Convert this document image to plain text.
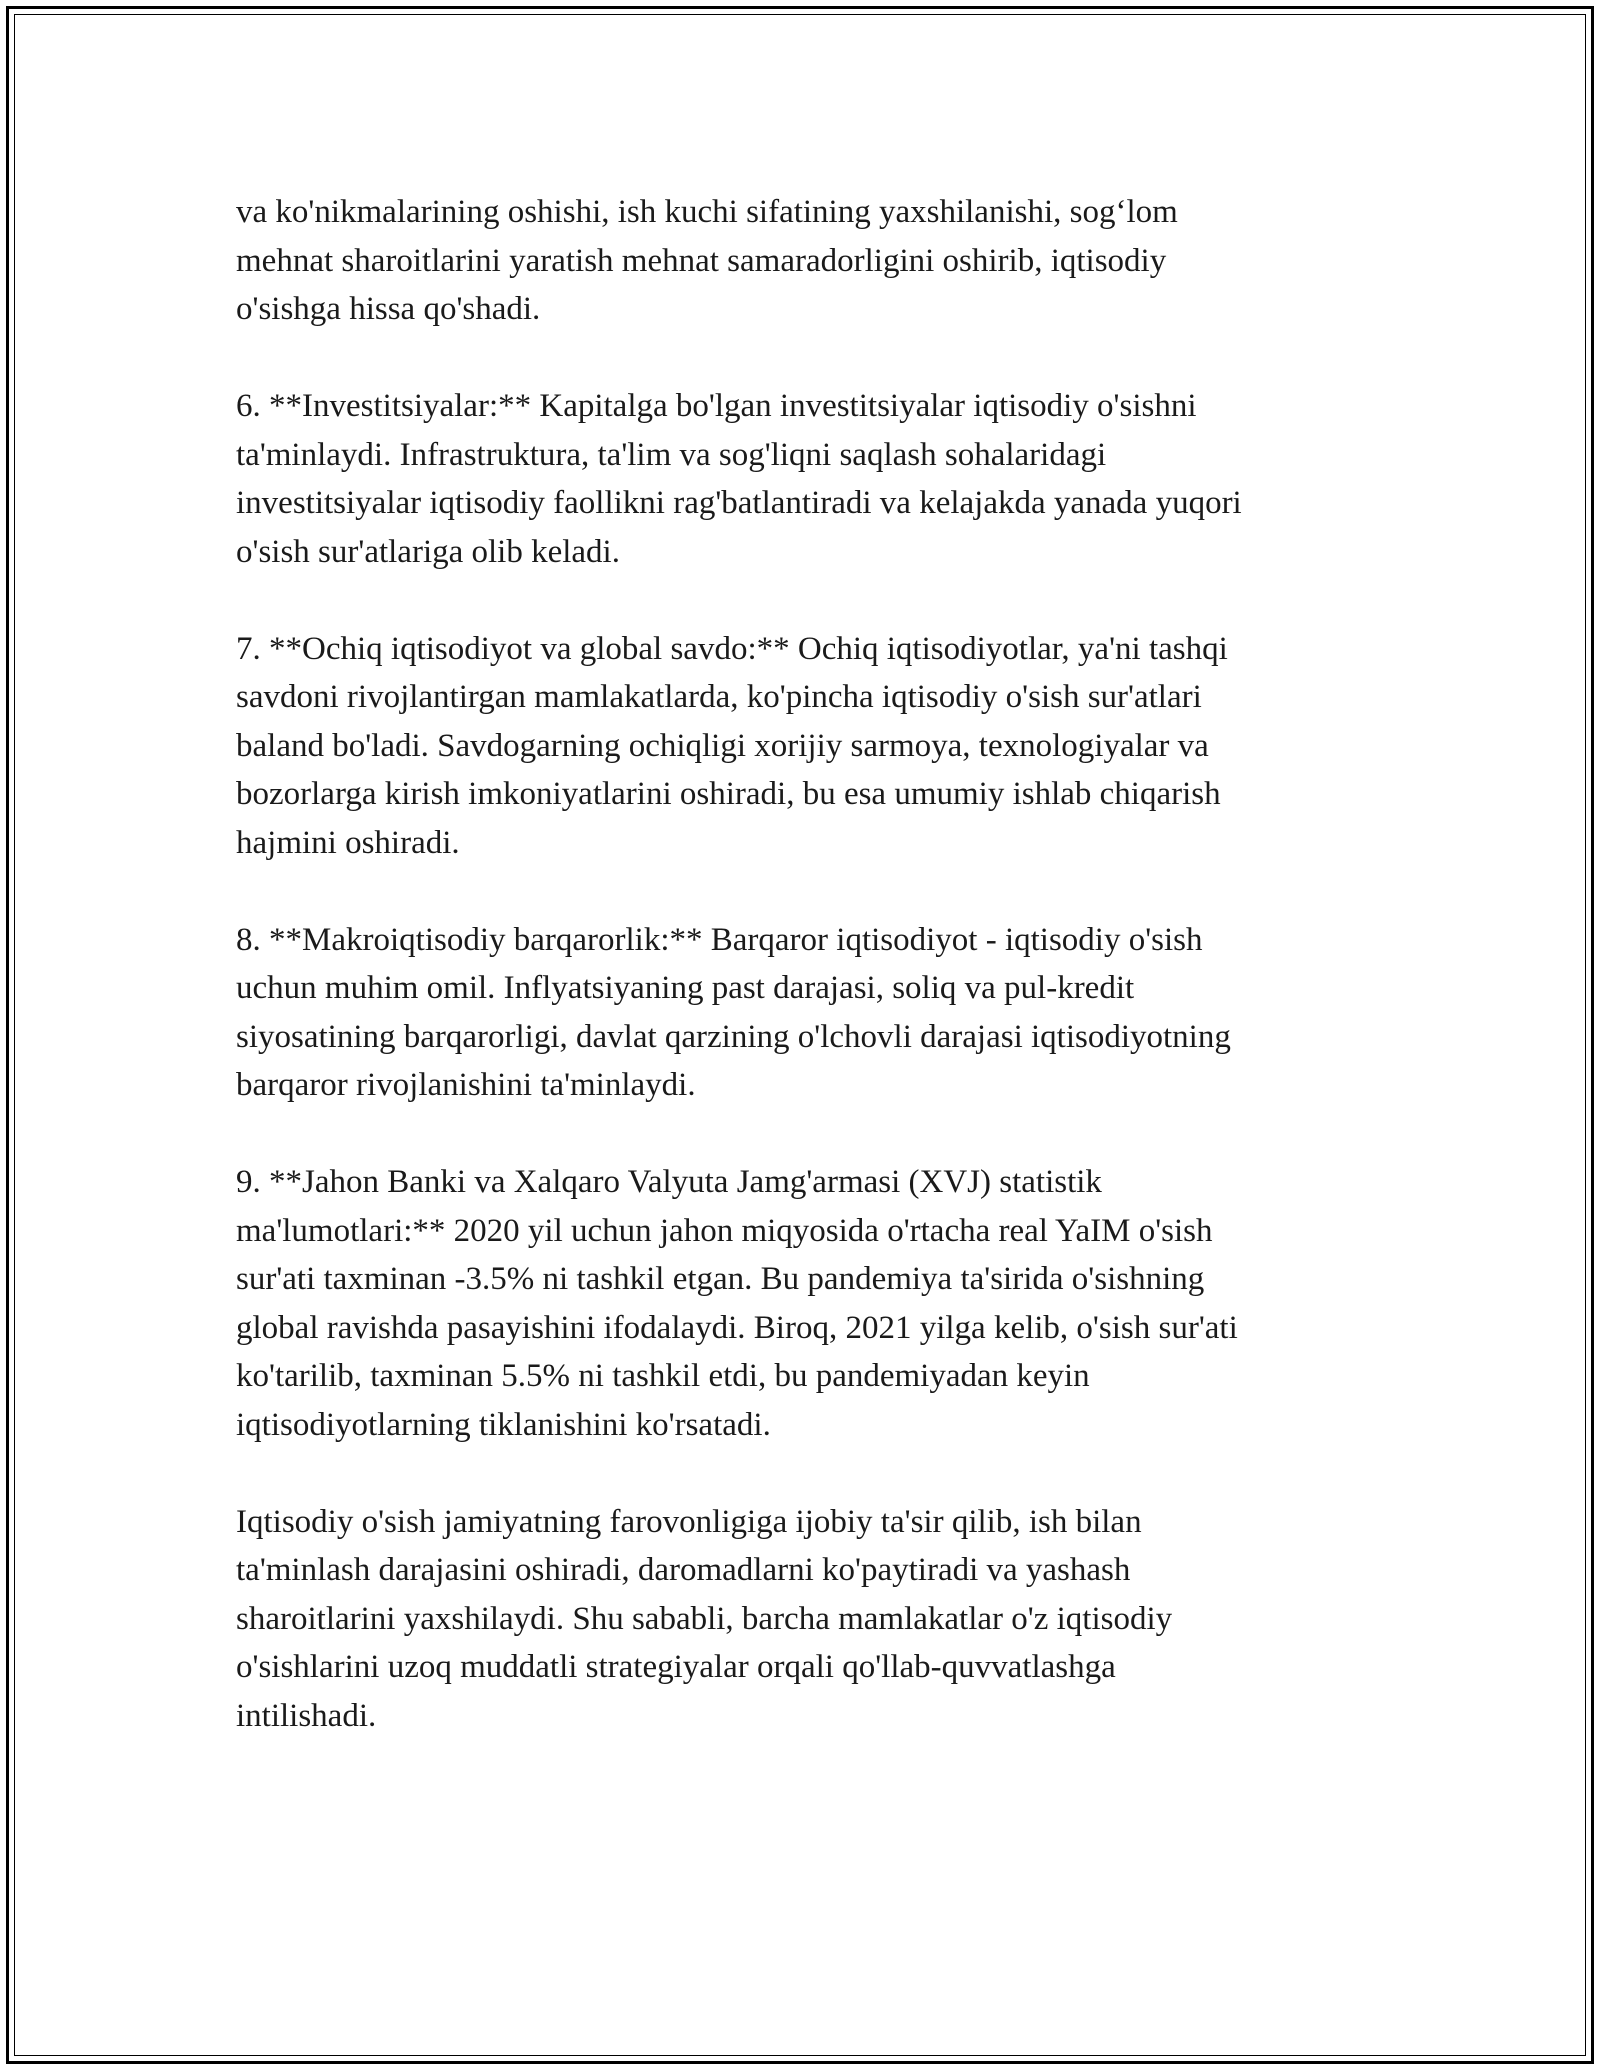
va ko'nikmalarining oshishi, ish kuchi sifatining yaxshilanishi, sog‘lom
mehnat sharoitlarini yaratish mehnat samaradorligini oshirib, iqtisodiy
o'sishga hissa qo'shadi.

6. **Investitsiyalar:** Kapitalga bo'lgan investitsiyalar iqtisodiy o'sishni
ta'minlaydi. Infrastruktura, ta'lim va sog'liqni saqlash sohalaridagi
investitsiyalar iqtisodiy faollikni rag'batlantiradi va kelajakda yanada yuqori
o'sish sur'atlariga olib keladi.

7. **Ochiq iqtisodiyot va global savdo:** Ochiq iqtisodiyotlar, ya'ni tashqi
savdoni rivojlantirgan mamlakatlarda, ko'pincha iqtisodiy o'sish sur'atlari
baland bo'ladi. Savdogarning ochiqligi xorijiy sarmoya, texnologiyalar va
bozorlarga kirish imkoniyatlarini oshiradi, bu esa umumiy ishlab chiqarish
hajmini oshiradi.

8. **Makroiqtisodiy barqarorlik:** Barqaror iqtisodiyot - iqtisodiy o'sish
uchun muhim omil. Inflyatsiyaning past darajasi, soliq va pul-kredit
siyosatining barqarorligi, davlat qarzining o'lchovli darajasi iqtisodiyotning
barqaror rivojlanishini ta'minlaydi.

9. **Jahon Banki va Xalqaro Valyuta Jamg'armasi (XVJ) statistik
ma'lumotlari:** 2020 yil uchun jahon miqyosida o'rtacha real YaIM o'sish
sur'ati taxminan -3.5% ni tashkil etgan. Bu pandemiya ta'sirida o'sishning
global ravishda pasayishini ifodalaydi. Biroq, 2021 yilga kelib, o'sish sur'ati
ko'tarilib, taxminan 5.5% ni tashkil etdi, bu pandemiyadan keyin
iqtisodiyotlarning tiklanishini ko'rsatadi.

Iqtisodiy o'sish jamiyatning farovonligiga ijobiy ta'sir qilib, ish bilan
ta'minlash darajasini oshiradi, daromadlarni ko'paytiradi va yashash
sharoitlarini yaxshilaydi. Shu sababli, barcha mamlakatlar o'z iqtisodiy
o'sishlarini uzoq muddatli strategiyalar orqali qo'llab-quvvatlashga
intilishadi.
